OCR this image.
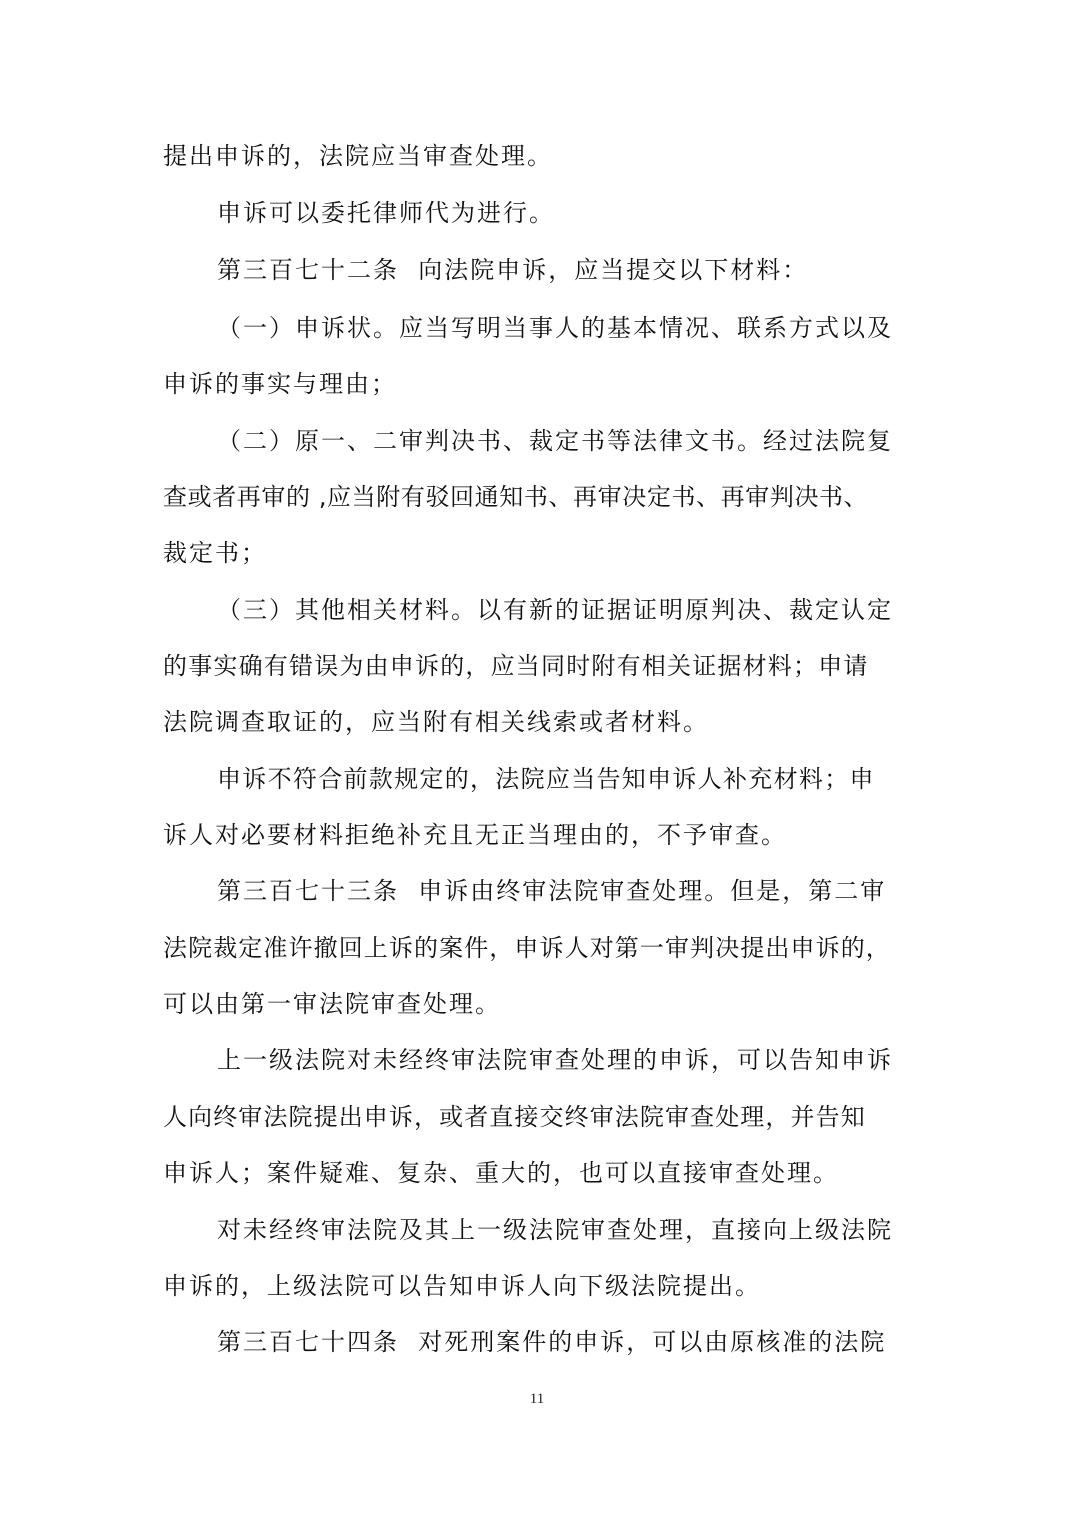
提出申诉的，法院应当审查处理。
申诉可以委托律师代为进行。
第三百七十二条  向法院申诉，应当提交以下材料：
（一）申诉状。应当写明当事人的基本情况、联系方式以及
申诉的事实与理由；
（二）原一、二审判决书、裁定书等法律文书。经过法院复
查或者再审的 ,应当附有驳回通知书、再审决定书、再审判决书、
裁定书；
（三）其他相关材料。以有新的证据证明原判决、裁定认定
的事实确有错误为由申诉的，应当同时附有相关证据材料；申请
法院调查取证的，应当附有相关线索或者材料。
申诉不符合前款规定的，法院应当告知申诉人补充材料；申
诉人对必要材料拒绝补充且无正当理由的，不予审查。
第三百七十三条  申诉由终审法院审查处理。但是，第二审
法院裁定准许撤回上诉的案件，申诉人对第一审判决提出申诉的，
可以由第一审法院审查处理。
上一级法院对未经终审法院审查处理的申诉，可以告知申诉
人向终审法院提出申诉，或者直接交终审法院审查处理，并告知
申诉人；案件疑难、复杂、重大的，也可以直接审查处理。
对未经终审法院及其上一级法院审查处理，直接向上级法院
申诉的，上级法院可以告知申诉人向下级法院提出。
第三百七十四条  对死刑案件的申诉，可以由原核准的法院
11
